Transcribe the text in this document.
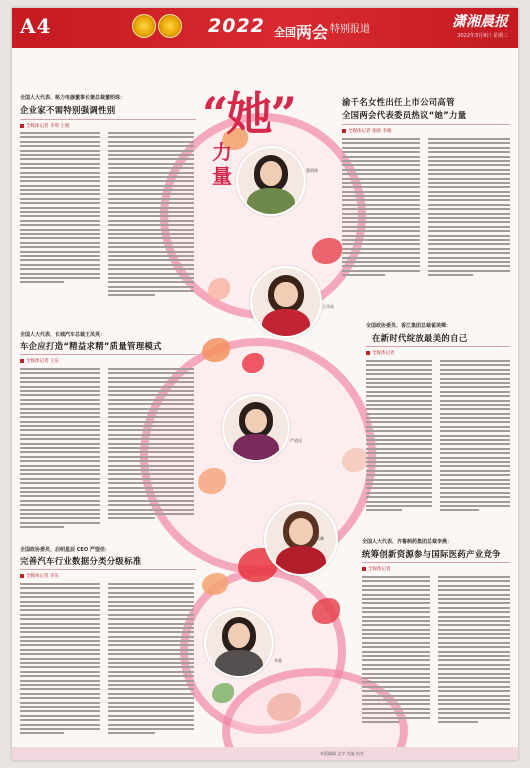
A4	2022 全国两会 特别报道	潇湘晨报
2022年3月9日 星期三
“她”
力量	董明珠
王凤英
严望佳
翟美卿
李燕
全国人大代表、格力电器董事长兼总裁董明珠：
企业家不需特别强调性别
全媒体记者 李琪 王晓
全国人大代表、长城汽车总裁王凤英：
车企应打造“精益求精”质量管理模式
全媒体记者 王乐
全国政协委员、启明星辰 CEO 严望佳：
完善汽车行业数据分类分级标准
全媒体记者 李乐
渝千名女性出任上市公司高管
全国两会代表委员热议“她”力量
全媒体记者 张晓 李晓
全国政协委员、香江集团总裁翟美卿：
在新时代绽放最美的自己
全媒体记者
全国人大代表、齐鲁制药集团总裁李燕：
统筹创新资源参与国际医药产业竞争
全媒体记者
本版编辑 文字 美编 校对
